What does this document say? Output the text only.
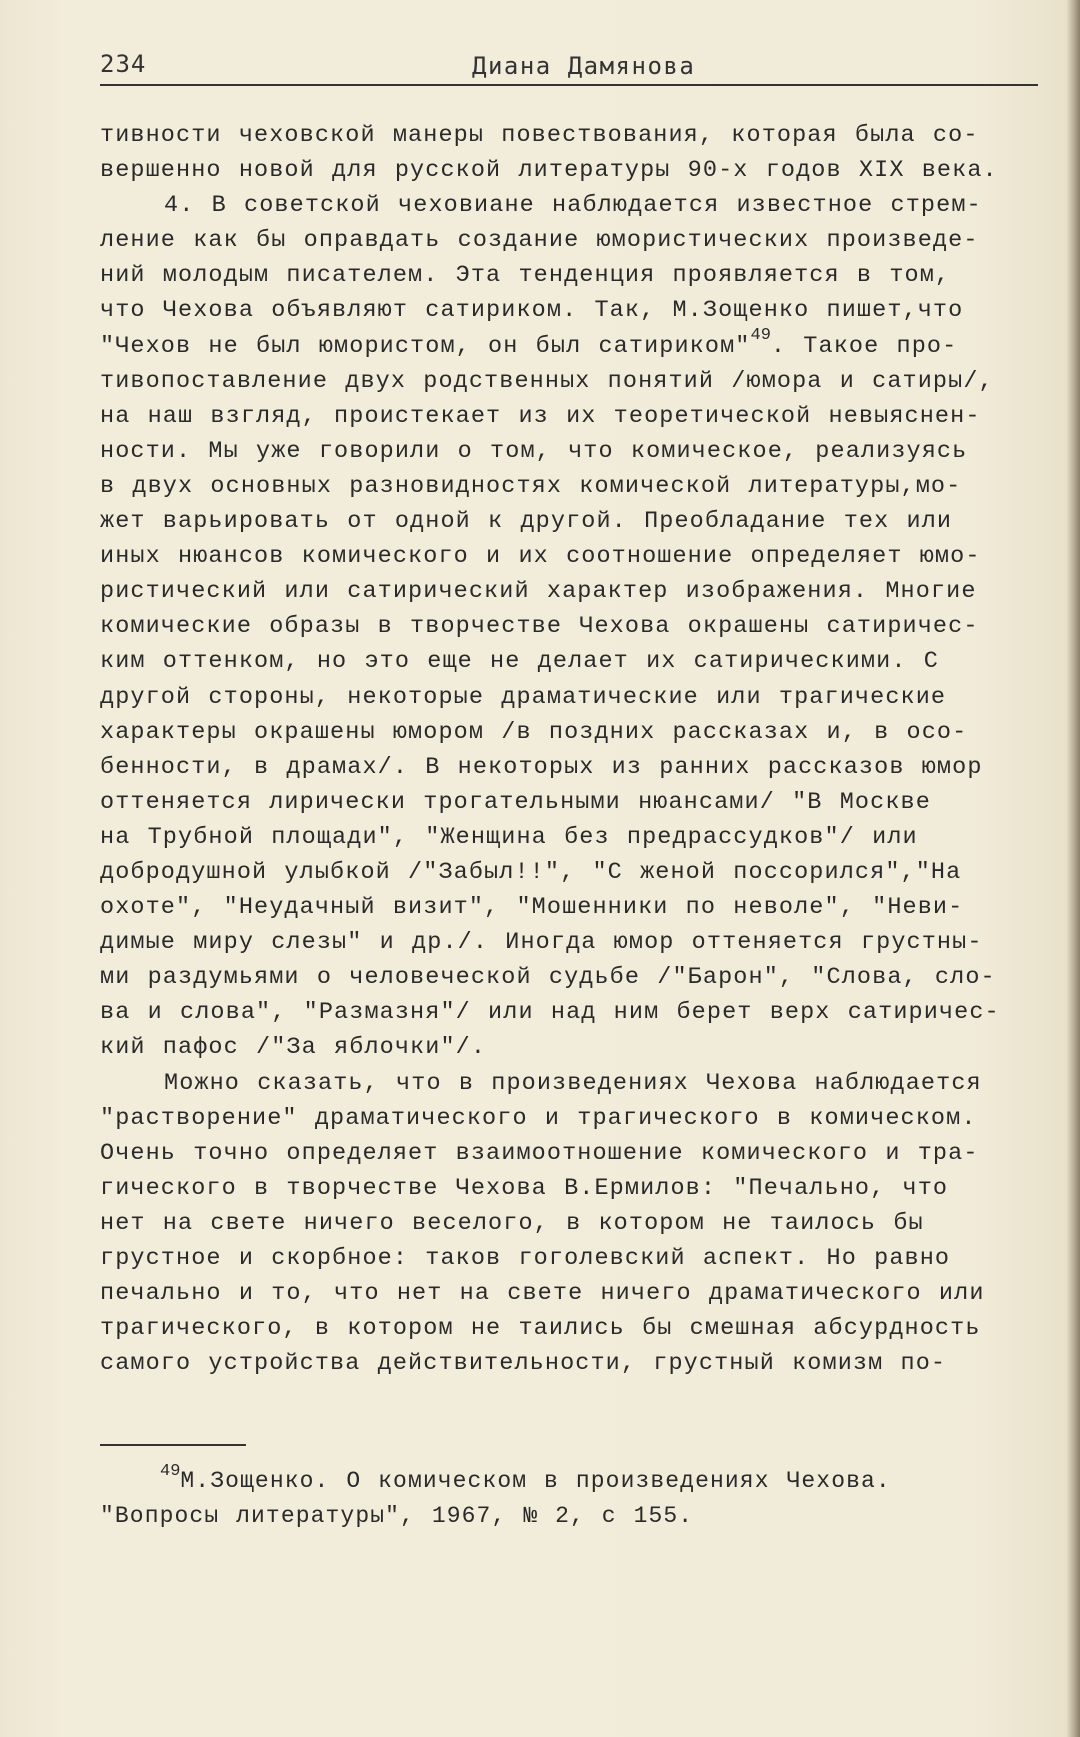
234	Диана Дамянова
тивности чеховской манеры повествования, которая была со-
вершенно новой для русской литературы 90-х годов XIX века.
4. В советской чеховиане наблюдается известное стрем-
ление как бы оправдать создание юмористических произведе-
ний молодым писателем. Эта тенденция проявляется в том,
что Чехова объявляют сатириком. Так, М.Зощенко пишет,что
"Чехов не был юмористом, он был сатириком"$^{49}$. Такое про-
тивопоставление двух родственных понятий /юмора и сатиры/,
на наш взгляд, проистекает из их теоретической невыяснен-
ности. Мы уже говорили о том, что комическое, реализуясь
в двух основных разновидностях комической литературы,мо-
жет варьировать от одной к другой. Преобладание тех или
иных нюансов комического и их соотношение определяет юмо-
ристический или сатирический характер изображения. Многие
комические образы в творчестве Чехова окрашены сатиричес-
ким оттенком, но это еще не делает их сатирическими. С
другой стороны, некоторые драматические или трагические
характеры окрашены юмором /в поздних рассказах и, в осо-
бенности, в драмах/. В некоторых из ранних рассказов юмор
оттеняется лирически трогательными нюансами/ "В Москве
на Трубной площади", "Женщина без предрассудков"/ или
добродушной улыбкой /"Забыл!!", "С женой поссорился","На
охоте", "Неудачный визит", "Мошенники по неволе", "Неви-
димые миру слезы" и др./. Иногда юмор оттеняется грустны-
ми раздумьями о человеческой судьбе /"Барон", "Слова, сло-
ва и слова", "Размазня"/ или над ним берет верх сатиричес-
кий пафос /"За яблочки"/.
Можно сказать, что в произведениях Чехова наблюдается
"растворение" драматического и трагического в комическом.
Очень точно определяет взаимоотношение комического и тра-
гического в творчестве Чехова В.Ермилов: "Печально, что
нет на свете ничего веселого, в котором не таилось бы
грустное и скорбное: таков гоголевский аспект. Но равно
печально и то, что нет на свете ничего драматического или
трагического, в котором не таились бы смешная абсурдность
самого устройства действительности, грустный комизм по-
$^{49}$М.Зощенко. О комическом в произведениях Чехова.
"Вопросы литературы", 1967, № 2, с 155.
